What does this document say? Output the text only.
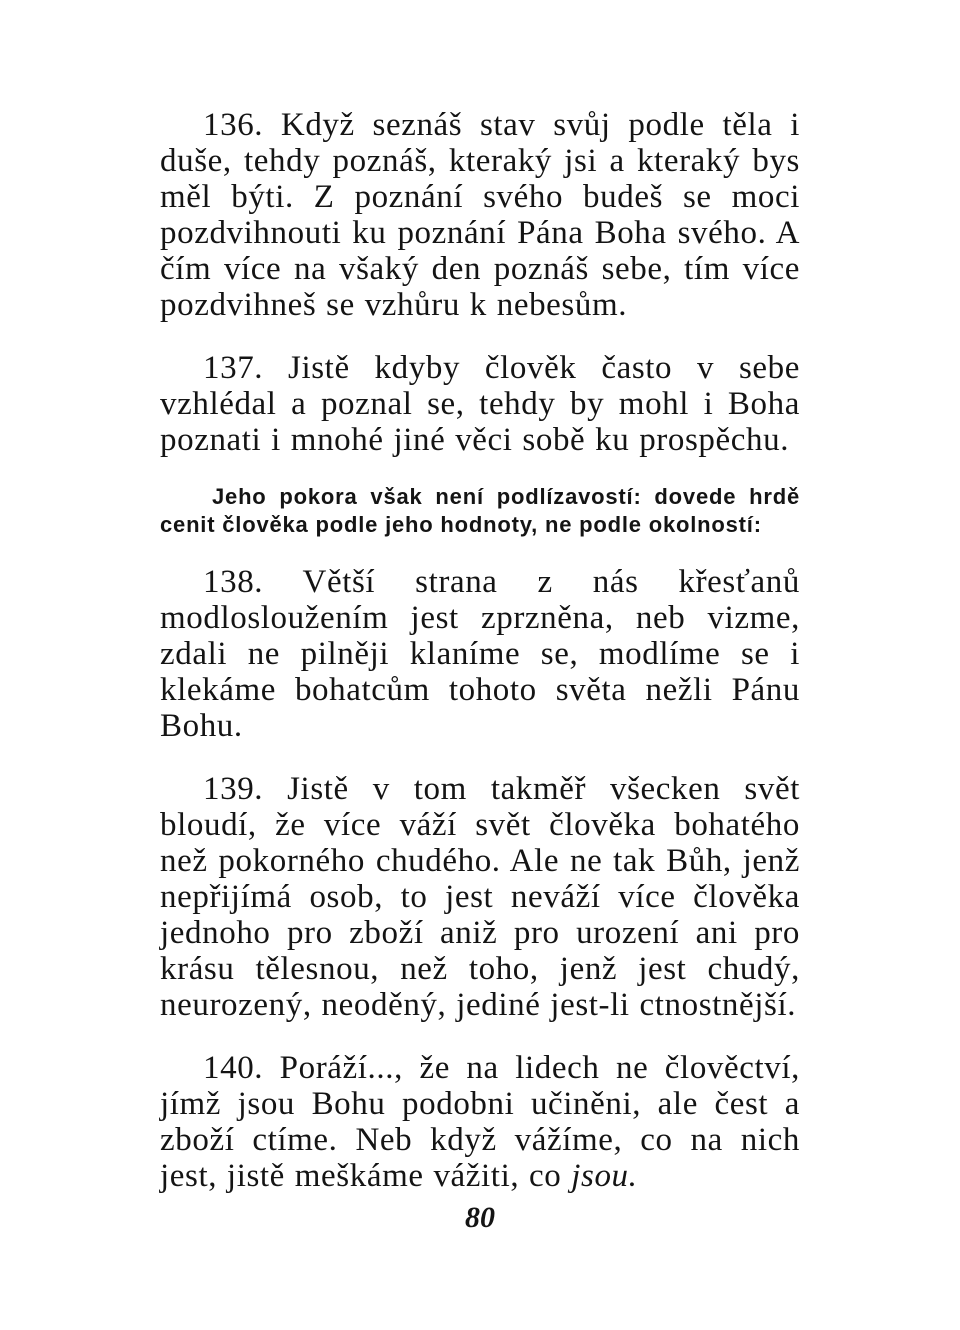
136. Když seznáš stav svůj podle těla i duše, tehdy poznáš, kteraký jsi a kteraký bys měl býti. Z poznání svého budeš se moci pozdvihnouti ku poznání Pána Boha svého. A čím více na všaký den poznáš sebe, tím více pozdvihneš se vzhůru k nebesům.

137. Jistě kdyby člověk často v sebe vzhlédal a poznal se, tehdy by mohl i Boha poznati i mnohé jiné věci sobě ku prospěchu.

Jeho pokora však není podlízavostí: dovede hrdě cenit člověka podle jeho hodnoty, ne podle okolností:

138. Větší strana z nás křesťanů modlosloužením jest zprzněna, neb vizme, zdali ne pilněji klaníme se, modlíme se i klekáme bohatcům tohoto světa nežli Pánu Bohu.

139. Jistě v tom takměř všecken svět bloudí, že více váží svět člověka bohatého než pokorného chudého. Ale ne tak Bůh, jenž nepřijímá osob, to jest neváží více člověka jednoho pro zboží aniž pro urození ani pro krásu tělesnou, než toho, jenž jest chudý, neurozený, neoděný, jediné jest-li ctnostnější.

140. Poráží..., že na lidech ne člověctví, jímž jsou Bohu podobni učiněni, ale čest a zboží ctíme. Neb když vážíme, co na nich jest, jistě meškáme vážiti, co jsou.

80
